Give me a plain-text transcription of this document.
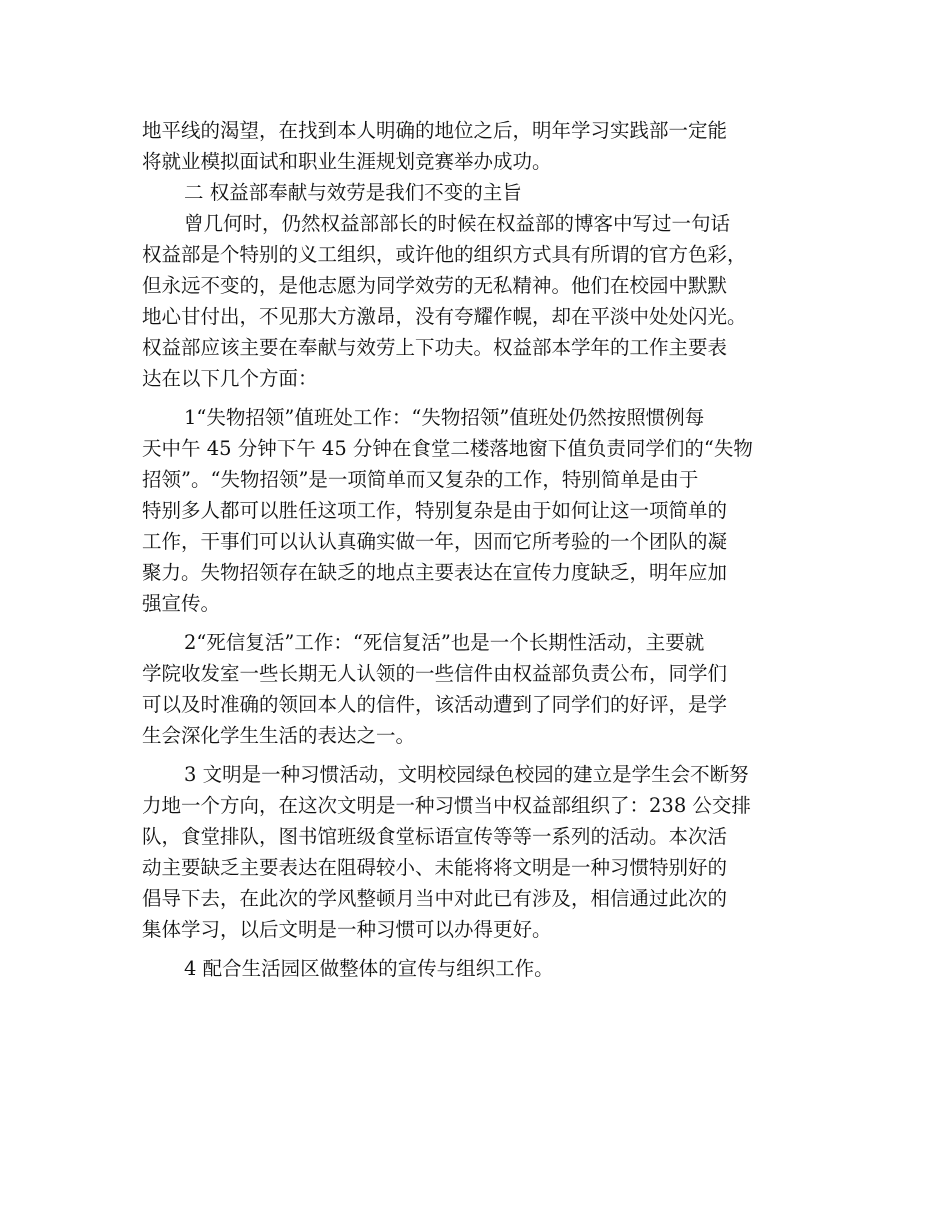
地平线的渴望，在找到本人明确的地位之后，明年学习实践部一定能
将就业模拟面试和职业生涯规划竞赛举办成功。
二 权益部奉献与效劳是我们不变的主旨
曾几何时，仍然权益部部长的时候在权益部的博客中写过一句话
权益部是个特别的义工组织，或许他的组织方式具有所谓的官方色彩，
但永远不变的，是他志愿为同学效劳的无私精神。他们在校园中默默
地心甘付出，不见那大方激昂，没有夸耀作幌，却在平淡中处处闪光。
权益部应该主要在奉献与效劳上下功夫。权益部本学年的工作主要表
达在以下几个方面：
1“失物招领”值班处工作：“失物招领”值班处仍然按照惯例每
天中午 45 分钟下午 45 分钟在食堂二楼落地窗下值负责同学们的“失物
招领”。“失物招领”是一项简单而又复杂的工作，特别简单是由于
特别多人都可以胜任这项工作，特别复杂是由于如何让这一项简单的
工作，干事们可以认认真确实做一年，因而它所考验的一个团队的凝
聚力。失物招领存在缺乏的地点主要表达在宣传力度缺乏，明年应加
强宣传。
2“死信复活”工作：“死信复活”也是一个长期性活动，主要就
学院收发室一些长期无人认领的一些信件由权益部负责公布，同学们
可以及时准确的领回本人的信件，该活动遭到了同学们的好评，是学
生会深化学生生活的表达之一。
3 文明是一种习惯活动，文明校园绿色校园的建立是学生会不断努
力地一个方向，在这次文明是一种习惯当中权益部组织了：238 公交排
队，食堂排队，图书馆班级食堂标语宣传等等一系列的活动。本次活
动主要缺乏主要表达在阻碍较小、未能将将文明是一种习惯特别好的
倡导下去，在此次的学风整顿月当中对此已有涉及，相信通过此次的
集体学习，以后文明是一种习惯可以办得更好。
4 配合生活园区做整体的宣传与组织工作。
